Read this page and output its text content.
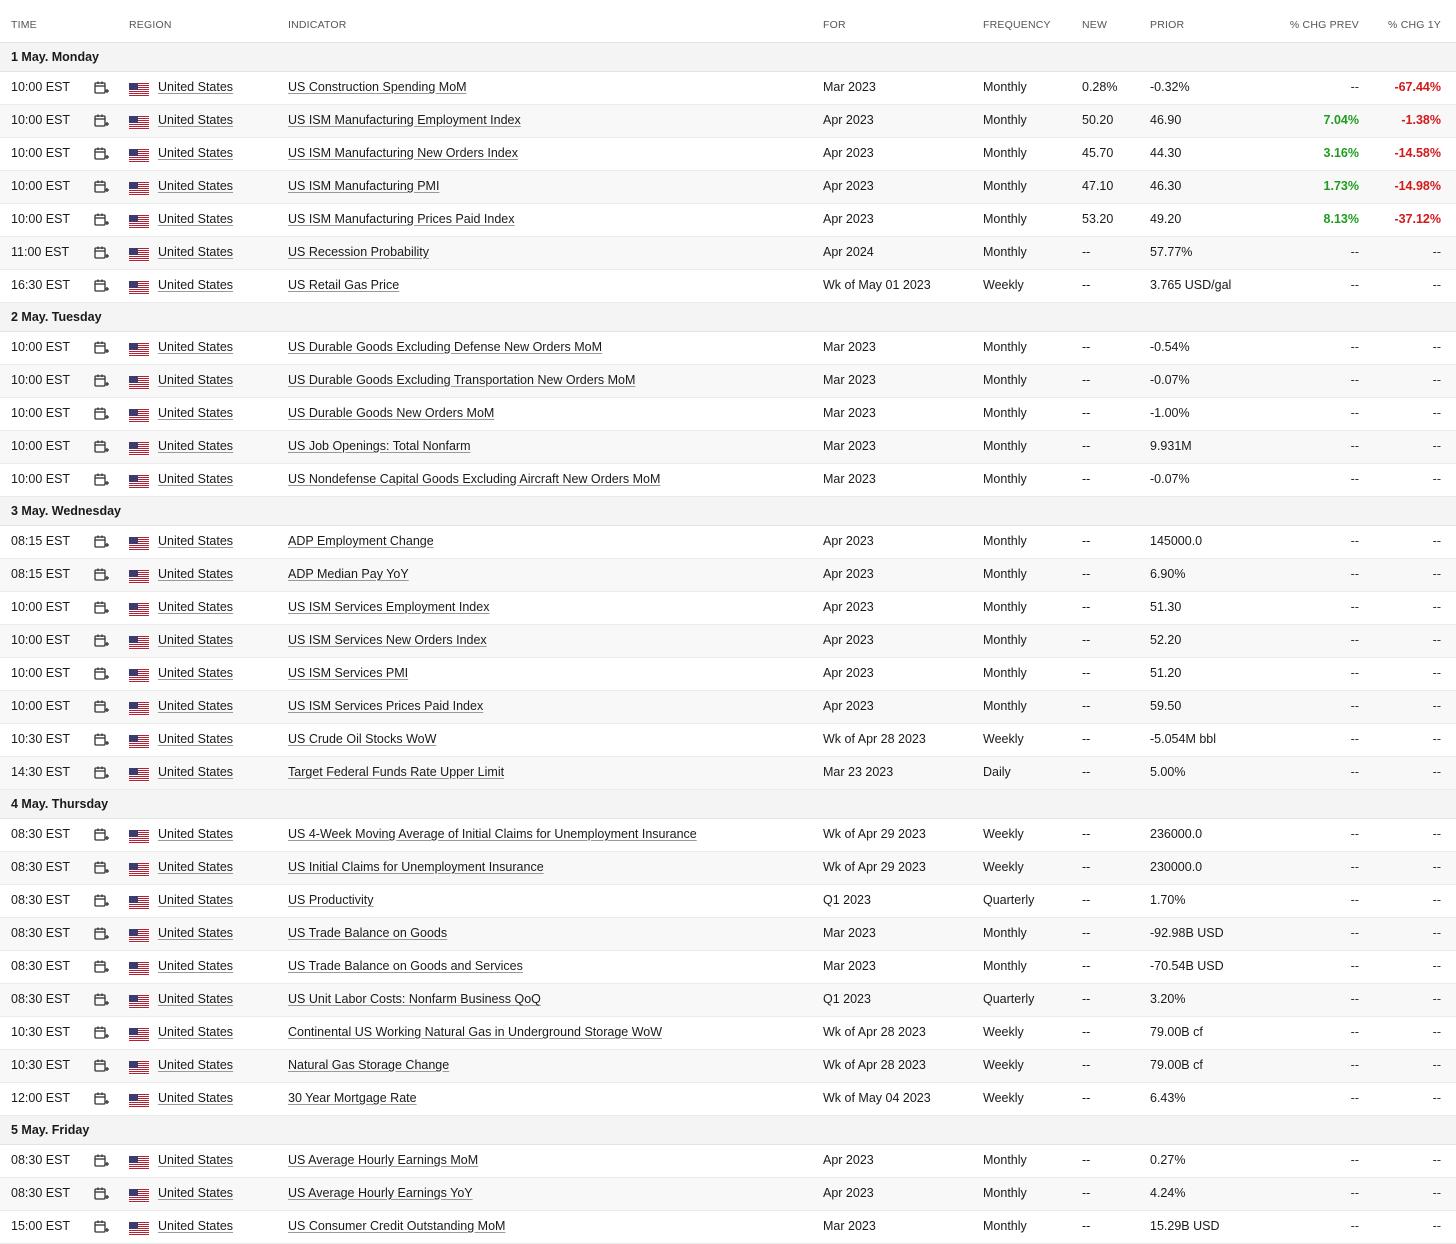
TIME	REGION	INDICATOR	FOR	FREQUENCY	NEW	PRIOR	% CHG PREV	% CHG 1Y
1 May. Monday
10:00 EST	United States	US Construction Spending MoM	Mar 2023	Monthly	0.28%	-0.32%	--	-67.44%
10:00 EST	United States	US ISM Manufacturing Employment Index	Apr 2023	Monthly	50.20	46.90	7.04%	-1.38%
10:00 EST	United States	US ISM Manufacturing New Orders Index	Apr 2023	Monthly	45.70	44.30	3.16%	-14.58%
10:00 EST	United States	US ISM Manufacturing PMI	Apr 2023	Monthly	47.10	46.30	1.73%	-14.98%
10:00 EST	United States	US ISM Manufacturing Prices Paid Index	Apr 2023	Monthly	53.20	49.20	8.13%	-37.12%
11:00 EST	United States	US Recession Probability	Apr 2024	Monthly	--	57.77%	--	--
16:30 EST	United States	US Retail Gas Price	Wk of May 01 2023	Weekly	--	3.765 USD/gal	--	--
2 May. Tuesday
10:00 EST	United States	US Durable Goods Excluding Defense New Orders MoM	Mar 2023	Monthly	--	-0.54%	--	--
10:00 EST	United States	US Durable Goods Excluding Transportation New Orders MoM	Mar 2023	Monthly	--	-0.07%	--	--
10:00 EST	United States	US Durable Goods New Orders MoM	Mar 2023	Monthly	--	-1.00%	--	--
10:00 EST	United States	US Job Openings: Total Nonfarm	Mar 2023	Monthly	--	9.931M	--	--
10:00 EST	United States	US Nondefense Capital Goods Excluding Aircraft New Orders MoM	Mar 2023	Monthly	--	-0.07%	--	--
3 May. Wednesday
08:15 EST	United States	ADP Employment Change	Apr 2023	Monthly	--	145000.0	--	--
08:15 EST	United States	ADP Median Pay YoY	Apr 2023	Monthly	--	6.90%	--	--
10:00 EST	United States	US ISM Services Employment Index	Apr 2023	Monthly	--	51.30	--	--
10:00 EST	United States	US ISM Services New Orders Index	Apr 2023	Monthly	--	52.20	--	--
10:00 EST	United States	US ISM Services PMI	Apr 2023	Monthly	--	51.20	--	--
10:00 EST	United States	US ISM Services Prices Paid Index	Apr 2023	Monthly	--	59.50	--	--
10:30 EST	United States	US Crude Oil Stocks WoW	Wk of Apr 28 2023	Weekly	--	-5.054M bbl	--	--
14:30 EST	United States	Target Federal Funds Rate Upper Limit	Mar 23 2023	Daily	--	5.00%	--	--
4 May. Thursday
08:30 EST	United States	US 4-Week Moving Average of Initial Claims for Unemployment Insurance	Wk of Apr 29 2023	Weekly	--	236000.0	--	--
08:30 EST	United States	US Initial Claims for Unemployment Insurance	Wk of Apr 29 2023	Weekly	--	230000.0	--	--
08:30 EST	United States	US Productivity	Q1 2023	Quarterly	--	1.70%	--	--
08:30 EST	United States	US Trade Balance on Goods	Mar 2023	Monthly	--	-92.98B USD	--	--
08:30 EST	United States	US Trade Balance on Goods and Services	Mar 2023	Monthly	--	-70.54B USD	--	--
08:30 EST	United States	US Unit Labor Costs: Nonfarm Business QoQ	Q1 2023	Quarterly	--	3.20%	--	--
10:30 EST	United States	Continental US Working Natural Gas in Underground Storage WoW	Wk of Apr 28 2023	Weekly	--	79.00B cf	--	--
10:30 EST	United States	Natural Gas Storage Change	Wk of Apr 28 2023	Weekly	--	79.00B cf	--	--
12:00 EST	United States	30 Year Mortgage Rate	Wk of May 04 2023	Weekly	--	6.43%	--	--
5 May. Friday
08:30 EST	United States	US Average Hourly Earnings MoM	Apr 2023	Monthly	--	0.27%	--	--
08:30 EST	United States	US Average Hourly Earnings YoY	Apr 2023	Monthly	--	4.24%	--	--
15:00 EST	United States	US Consumer Credit Outstanding MoM	Mar 2023	Monthly	--	15.29B USD	--	--
